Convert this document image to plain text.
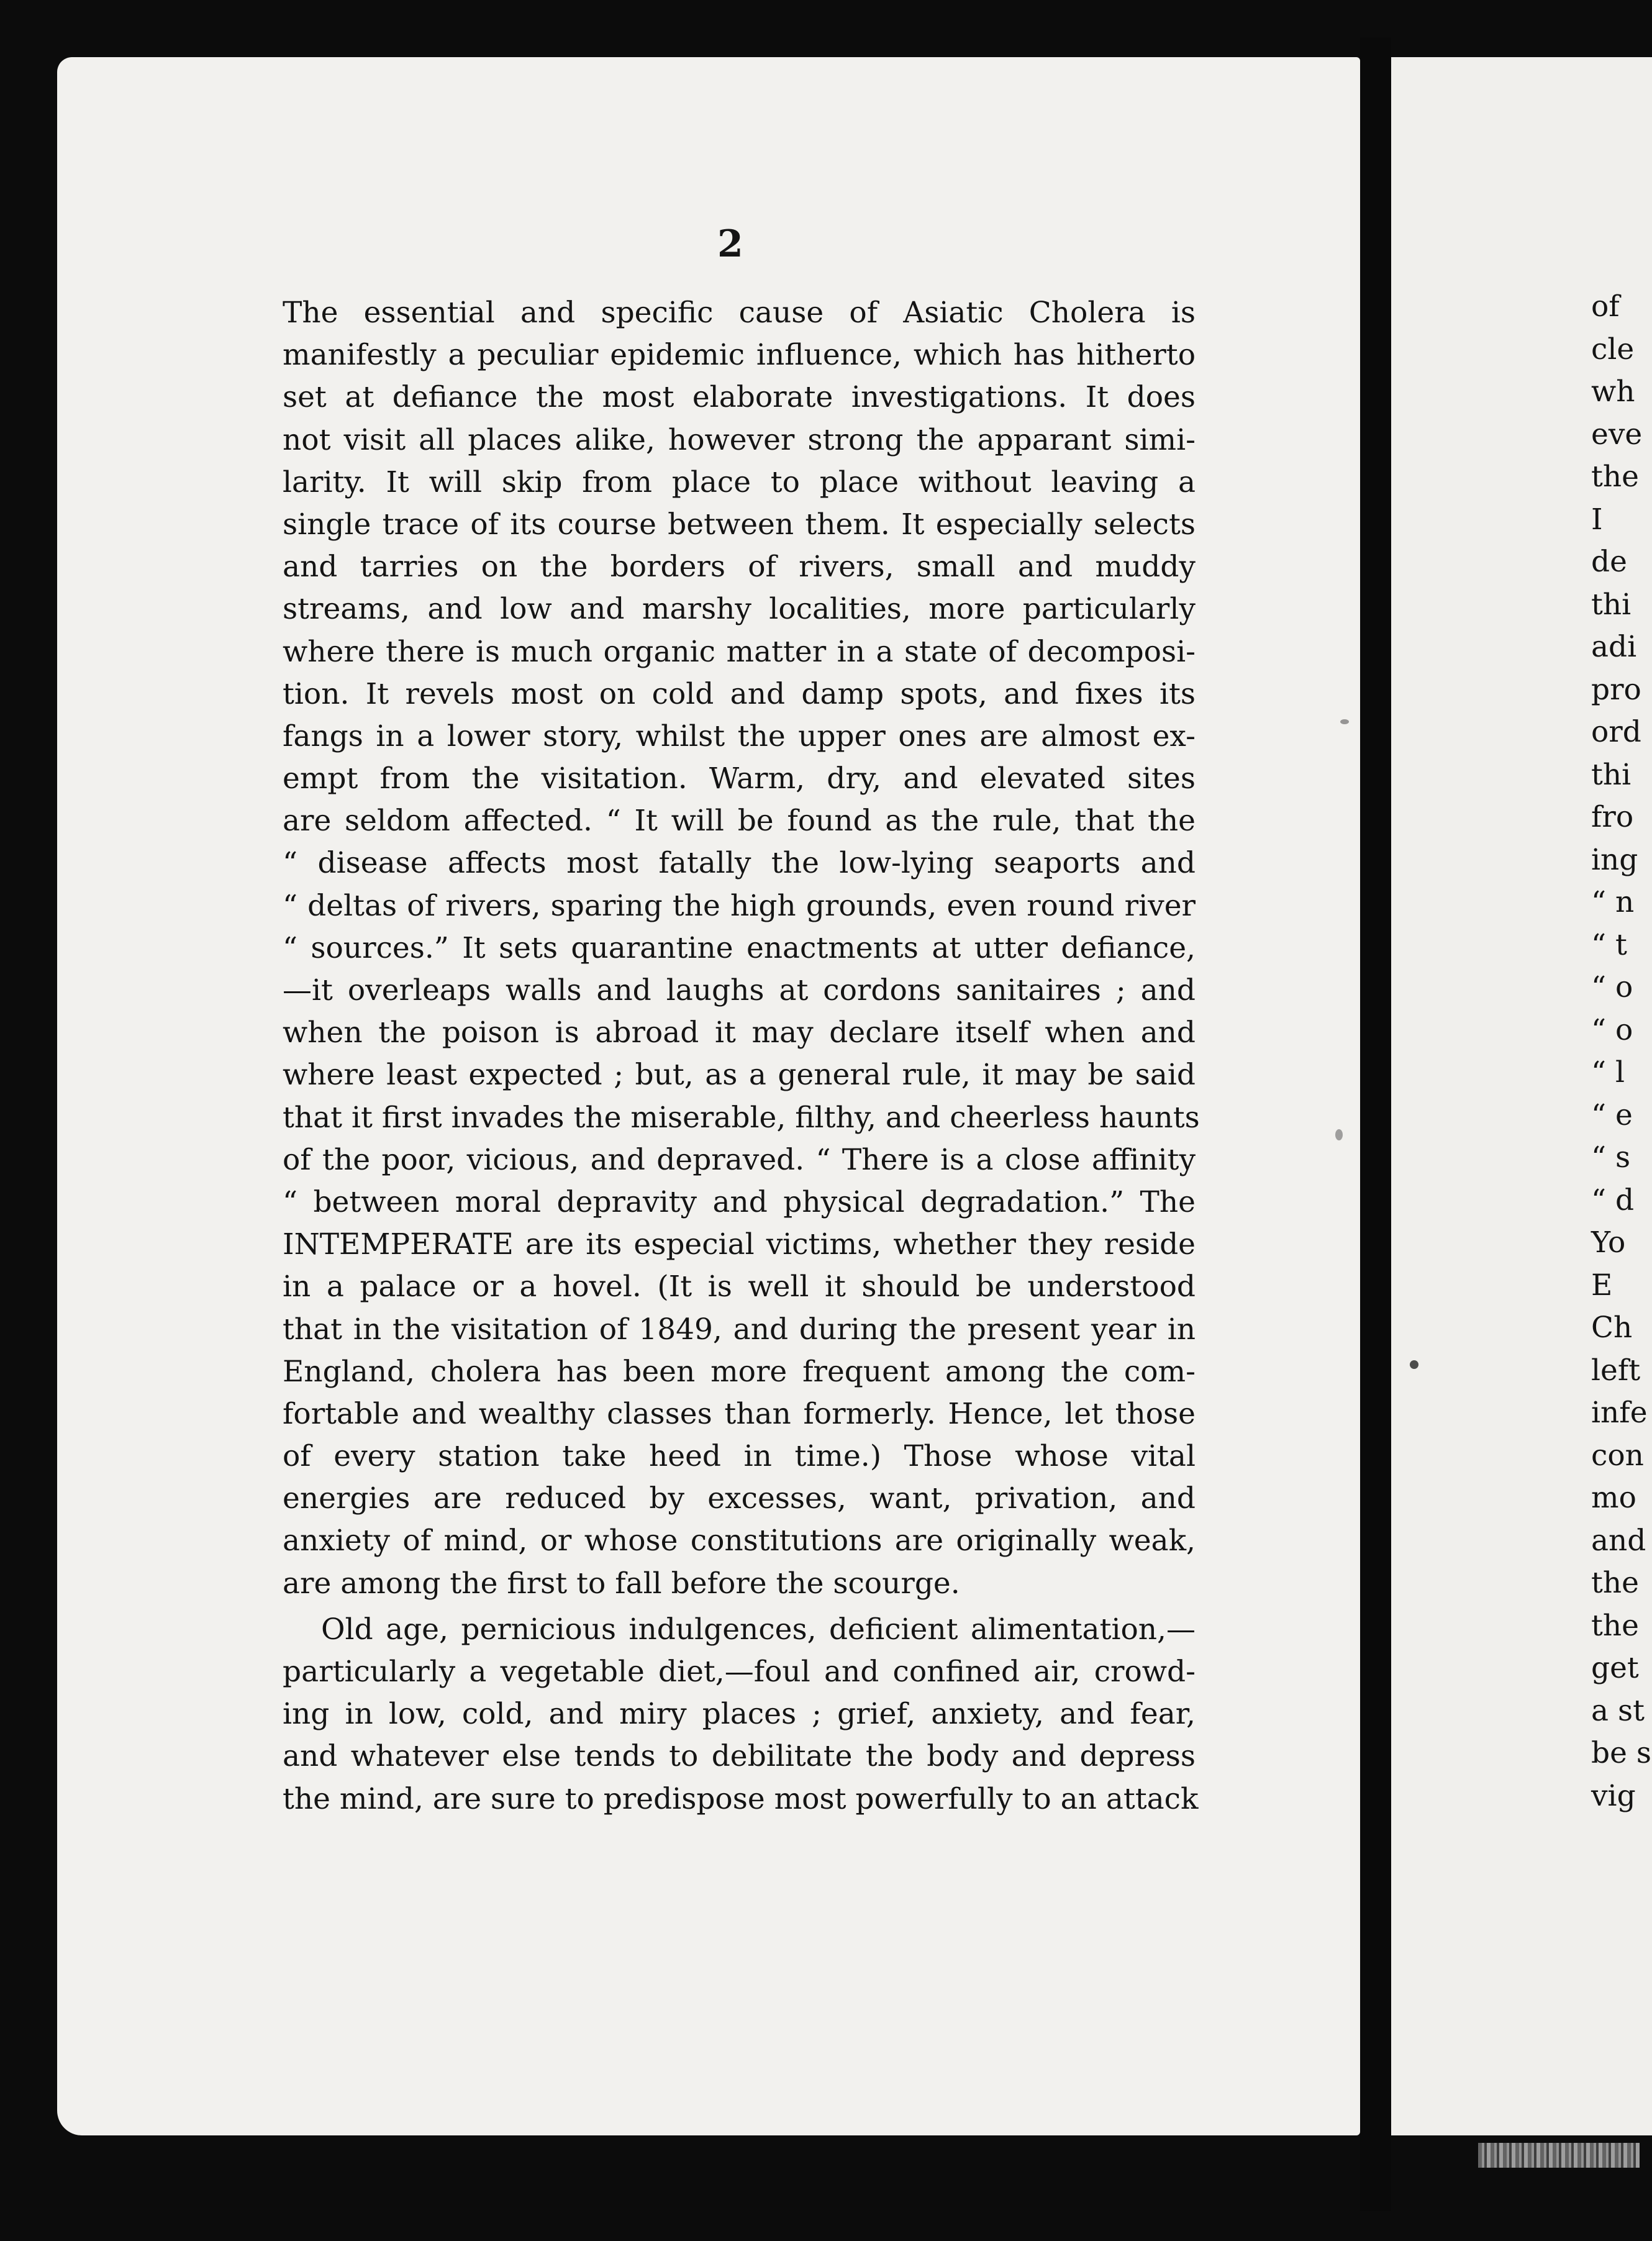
2
The essential and specific cause of Asiatic Cholera is
manifestly a peculiar epidemic influence, which has hitherto
set at defiance the most elaborate investigations. It does
not visit all places alike, however strong the apparant simi-
larity. It will skip from place to place without leaving a
single trace of its course between them. It especially selects
and tarries on the borders of rivers, small and muddy
streams, and low and marshy localities, more particularly
where there is much organic matter in a state of decomposi-
tion. It revels most on cold and damp spots, and fixes its
fangs in a lower story, whilst the upper ones are almost ex-
empt from the visitation. Warm, dry, and elevated sites
are seldom affected. “ It will be found as the rule, that the
“ disease affects most fatally the low-lying seaports and
“ deltas of rivers, sparing the high grounds, even round river
“ sources.” It sets quarantine enactments at utter defiance,
—it overleaps walls and laughs at cordons sanitaires ; and
when the poison is abroad it may declare itself when and
where least expected ; but, as a general rule, it may be said
that it first invades the miserable, filthy, and cheerless haunts
of the poor, vicious, and depraved. “ There is a close affinity
“ between moral depravity and physical degradation.” The
INTEMPERATE are its especial victims, whether they reside
in a palace or a hovel. (It is well it should be understood
that in the visitation of 1849, and during the present year in
England, cholera has been more frequent among the com-
fortable and wealthy classes than formerly. Hence, let those
of every station take heed in time.) Those whose vital
energies are reduced by excesses, want, privation, and
anxiety of mind, or whose constitutions are originally weak,
are among the first to fall before the scourge.
Old age, pernicious indulgences, deficient alimentation,—
particularly a vegetable diet,—foul and confined air, crowd-
ing in low, cold, and miry places ; grief, anxiety, and fear,
and whatever else tends to debilitate the body and depress
the mind, are sure to predispose most powerfully to an attack
of
cle
wh
eve
the
I
de
thi
adi
pro
ord
thi
fro
ing
“ n
“ t
“ o
“ o
“ l
“ e
“ s
“ d
Yo
E
Ch
left
infe
con
mo
and
the
the
get
a st
be s
vig
